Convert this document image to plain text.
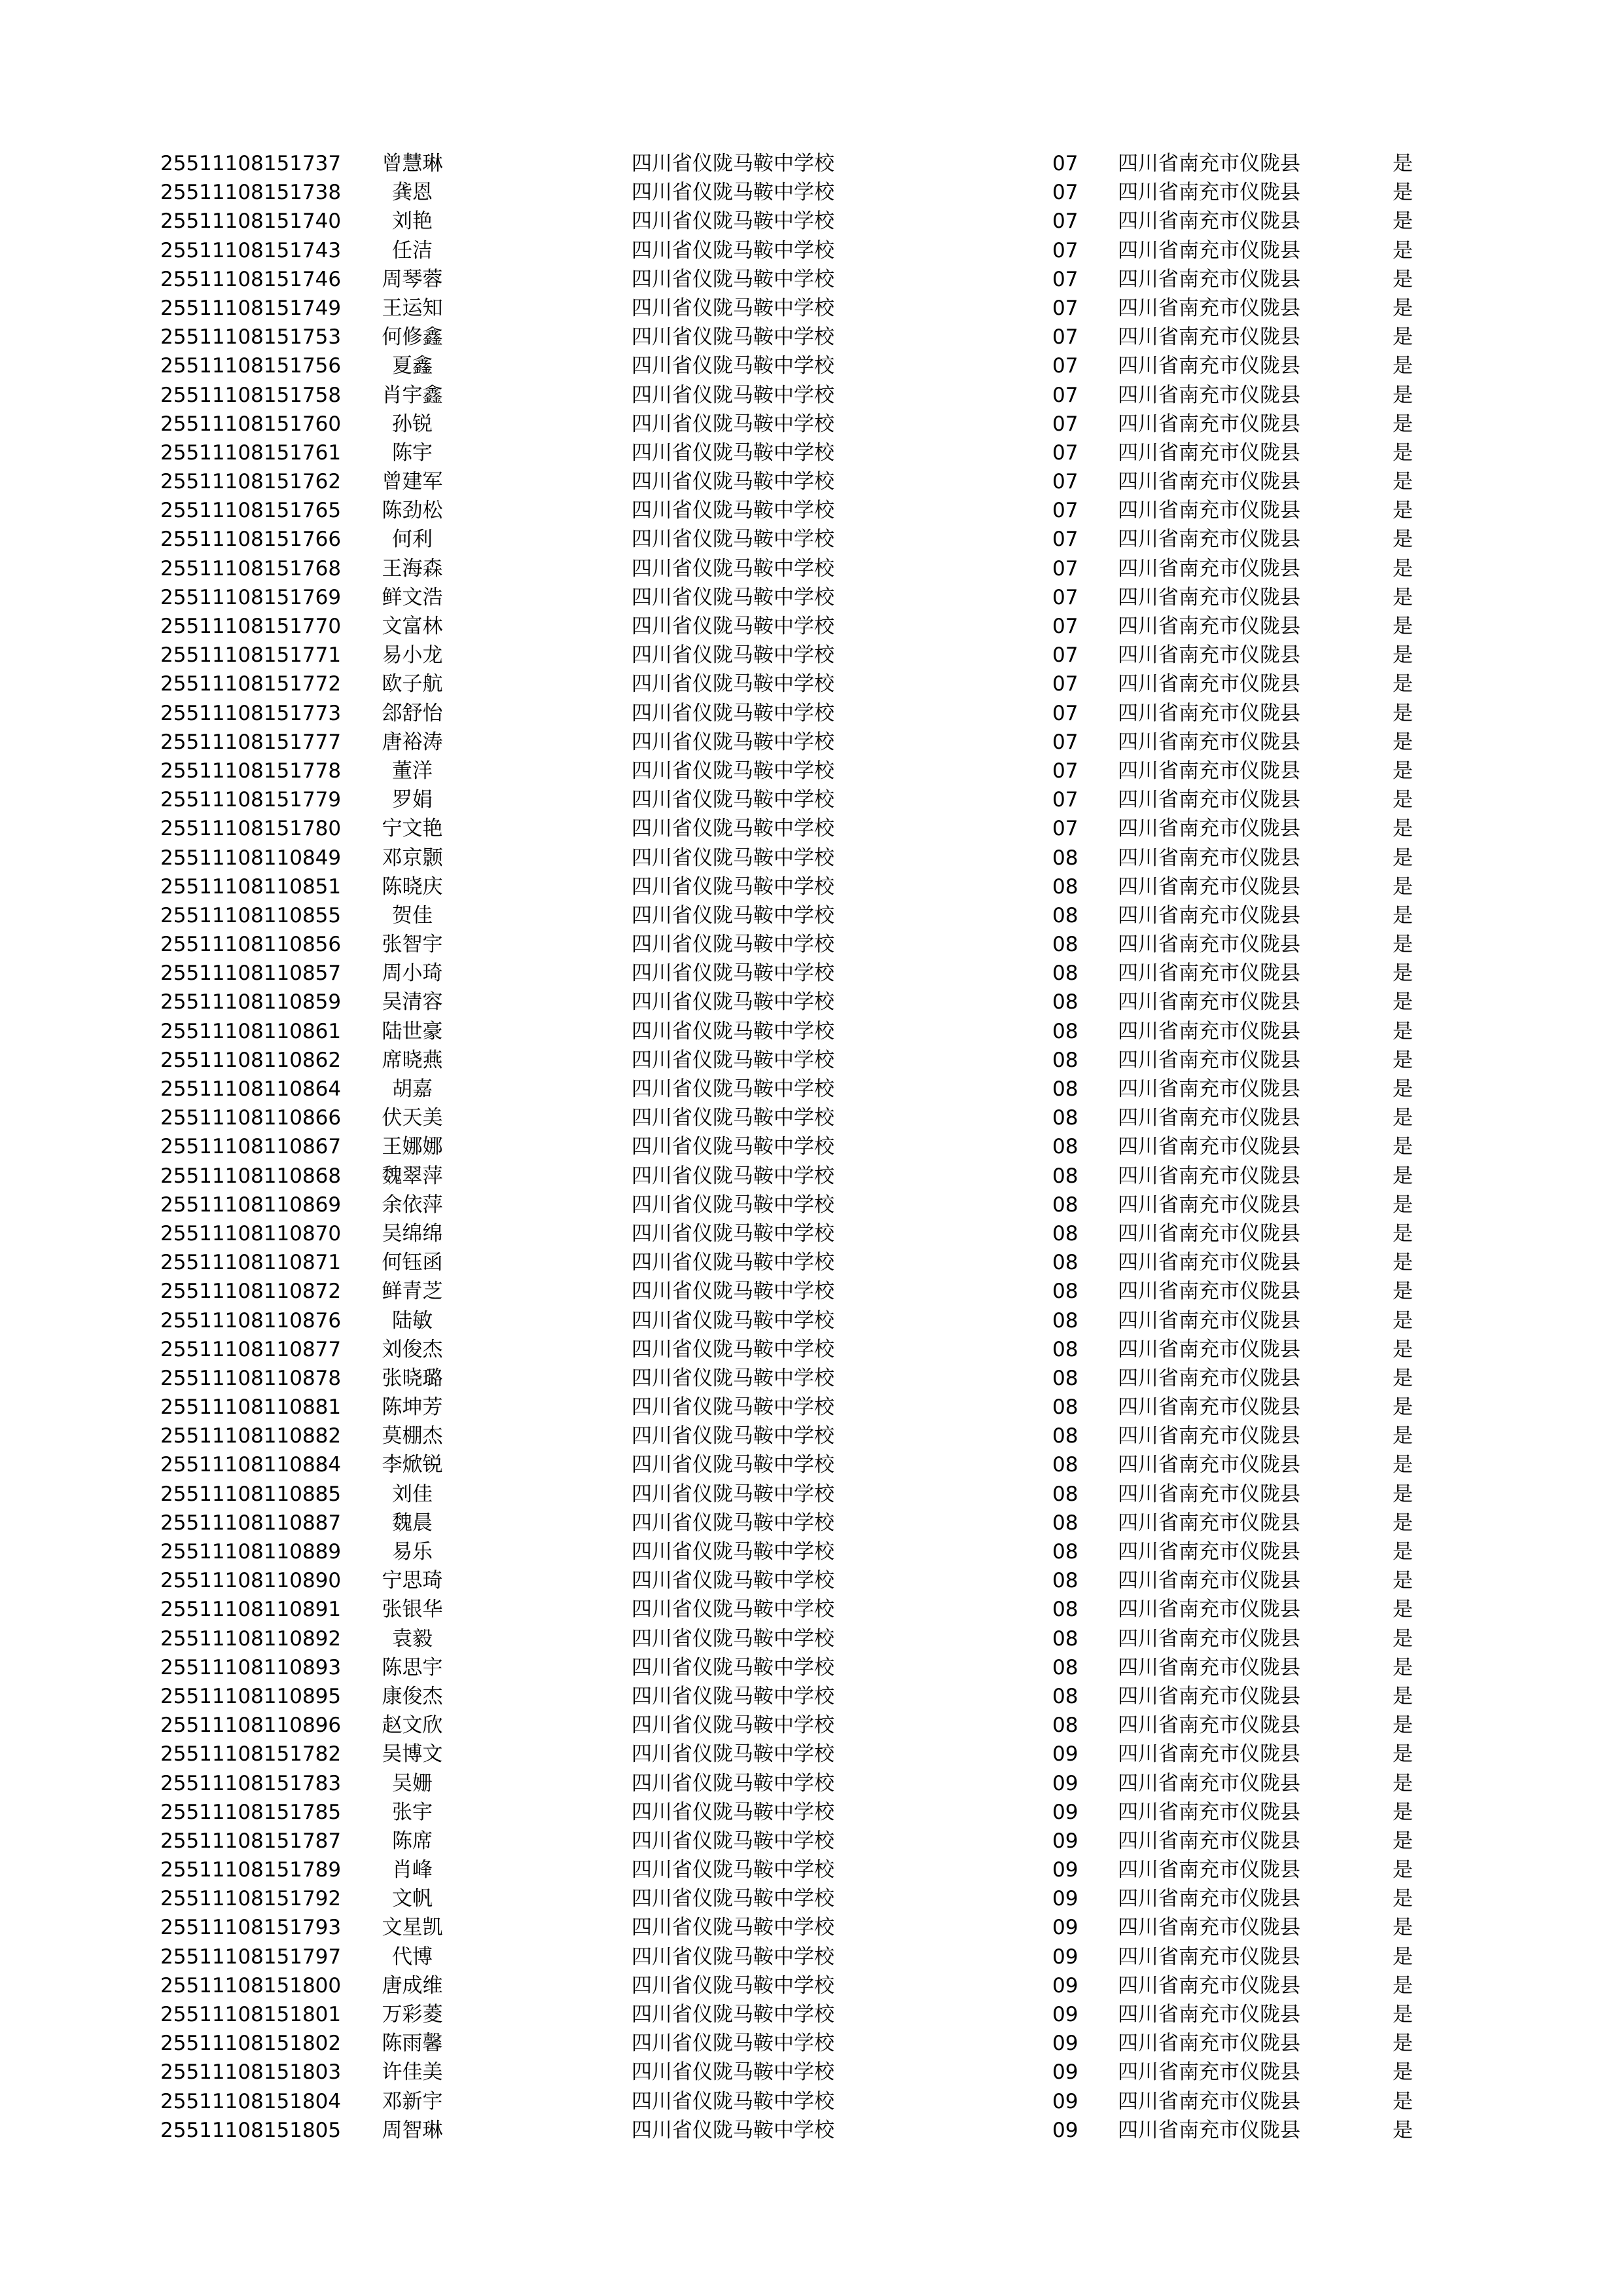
25511108151737 曾慧琳	四川省仪陇马鞍中学校	07 四川省南充市仪陇县	是
25511108151738	龚恩	四川省仪陇马鞍中学校	07 四川省南充市仪陇县	是
25511108151740	刘艳	四川省仪陇马鞍中学校	07 四川省南充市仪陇县	是
25511108151743	任洁	四川省仪陇马鞍中学校	07 四川省南充市仪陇县	是
25511108151746 周琴蓉	四川省仪陇马鞍中学校	07 四川省南充市仪陇县	是
25511108151749 王运知	四川省仪陇马鞍中学校	07 四川省南充市仪陇县	是
25511108151753 何修鑫	四川省仪陇马鞍中学校	07 四川省南充市仪陇县	是
25511108151756	夏鑫	四川省仪陇马鞍中学校	07 四川省南充市仪陇县	是
25511108151758 肖宇鑫	四川省仪陇马鞍中学校	07 四川省南充市仪陇县	是
25511108151760	孙锐	四川省仪陇马鞍中学校	07 四川省南充市仪陇县	是
25511108151761	陈宇	四川省仪陇马鞍中学校	07 四川省南充市仪陇县	是
25511108151762 曾建军	四川省仪陇马鞍中学校	07 四川省南充市仪陇县	是
25511108151765 陈劲松	四川省仪陇马鞍中学校	07 四川省南充市仪陇县	是
25511108151766	何利	四川省仪陇马鞍中学校	07 四川省南充市仪陇县	是
25511108151768 王海森	四川省仪陇马鞍中学校	07 四川省南充市仪陇县	是
25511108151769 鲜文浩	四川省仪陇马鞍中学校	07 四川省南充市仪陇县	是
25511108151770 文富林	四川省仪陇马鞍中学校	07 四川省南充市仪陇县	是
25511108151771 易小龙	四川省仪陇马鞍中学校	07 四川省南充市仪陇县	是
25511108151772 欧子航	四川省仪陇马鞍中学校	07 四川省南充市仪陇县	是
25511108151773 郐舒怡	四川省仪陇马鞍中学校	07 四川省南充市仪陇县	是
25511108151777 唐裕涛	四川省仪陇马鞍中学校	07 四川省南充市仪陇县	是
25511108151778	董洋	四川省仪陇马鞍中学校	07 四川省南充市仪陇县	是
25511108151779	罗娟	四川省仪陇马鞍中学校	07 四川省南充市仪陇县	是
25511108151780 宁文艳	四川省仪陇马鞍中学校	07 四川省南充市仪陇县	是
25511108110849 邓京颢	四川省仪陇马鞍中学校	08 四川省南充市仪陇县	是
25511108110851 陈晓庆	四川省仪陇马鞍中学校	08 四川省南充市仪陇县	是
25511108110855	贺佳	四川省仪陇马鞍中学校	08 四川省南充市仪陇县	是
25511108110856 张智宇	四川省仪陇马鞍中学校	08 四川省南充市仪陇县	是
25511108110857 周小琦	四川省仪陇马鞍中学校	08 四川省南充市仪陇县	是
25511108110859 吴清容	四川省仪陇马鞍中学校	08 四川省南充市仪陇县	是
25511108110861 陆世豪	四川省仪陇马鞍中学校	08 四川省南充市仪陇县	是
25511108110862 席晓燕	四川省仪陇马鞍中学校	08 四川省南充市仪陇县	是
25511108110864	胡嘉	四川省仪陇马鞍中学校	08 四川省南充市仪陇县	是
25511108110866 伏天美	四川省仪陇马鞍中学校	08 四川省南充市仪陇县	是
25511108110867 王娜娜	四川省仪陇马鞍中学校	08 四川省南充市仪陇县	是
25511108110868 魏翠萍	四川省仪陇马鞍中学校	08 四川省南充市仪陇县	是
25511108110869 余依萍	四川省仪陇马鞍中学校	08 四川省南充市仪陇县	是
25511108110870 吴绵绵	四川省仪陇马鞍中学校	08 四川省南充市仪陇县	是
25511108110871 何钰函	四川省仪陇马鞍中学校	08 四川省南充市仪陇县	是
25511108110872 鲜青芝	四川省仪陇马鞍中学校	08 四川省南充市仪陇县	是
25511108110876	陆敏	四川省仪陇马鞍中学校	08 四川省南充市仪陇县	是
25511108110877 刘俊杰	四川省仪陇马鞍中学校	08 四川省南充市仪陇县	是
25511108110878 张晓璐	四川省仪陇马鞍中学校	08 四川省南充市仪陇县	是
25511108110881 陈坤芳	四川省仪陇马鞍中学校	08 四川省南充市仪陇县	是
25511108110882 莫棚杰	四川省仪陇马鞍中学校	08 四川省南充市仪陇县	是
25511108110884 李焮锐	四川省仪陇马鞍中学校	08 四川省南充市仪陇县	是
25511108110885	刘佳	四川省仪陇马鞍中学校	08 四川省南充市仪陇县	是
25511108110887	魏晨	四川省仪陇马鞍中学校	08 四川省南充市仪陇县	是
25511108110889	易乐	四川省仪陇马鞍中学校	08 四川省南充市仪陇县	是
25511108110890 宁思琦	四川省仪陇马鞍中学校	08 四川省南充市仪陇县	是
25511108110891 张银华	四川省仪陇马鞍中学校	08 四川省南充市仪陇县	是
25511108110892	袁毅	四川省仪陇马鞍中学校	08 四川省南充市仪陇县	是
25511108110893 陈思宇	四川省仪陇马鞍中学校	08 四川省南充市仪陇县	是
25511108110895 康俊杰	四川省仪陇马鞍中学校	08 四川省南充市仪陇县	是
25511108110896 赵文欣	四川省仪陇马鞍中学校	08 四川省南充市仪陇县	是
25511108151782 吴博文	四川省仪陇马鞍中学校	09 四川省南充市仪陇县	是
25511108151783	吴姗	四川省仪陇马鞍中学校	09 四川省南充市仪陇县	是
25511108151785	张宇	四川省仪陇马鞍中学校	09 四川省南充市仪陇县	是
25511108151787	陈席	四川省仪陇马鞍中学校	09 四川省南充市仪陇县	是
25511108151789	肖峰	四川省仪陇马鞍中学校	09 四川省南充市仪陇县	是
25511108151792	文帆	四川省仪陇马鞍中学校	09 四川省南充市仪陇县	是
25511108151793 文星凯	四川省仪陇马鞍中学校	09 四川省南充市仪陇县	是
25511108151797	代博	四川省仪陇马鞍中学校	09 四川省南充市仪陇县	是
25511108151800 唐成维	四川省仪陇马鞍中学校	09 四川省南充市仪陇县	是
25511108151801 万彩菱	四川省仪陇马鞍中学校	09 四川省南充市仪陇县	是
25511108151802 陈雨馨	四川省仪陇马鞍中学校	09 四川省南充市仪陇县	是
25511108151803 许佳美	四川省仪陇马鞍中学校	09 四川省南充市仪陇县	是
25511108151804 邓新宇	四川省仪陇马鞍中学校	09 四川省南充市仪陇县	是
25511108151805 周智琳	四川省仪陇马鞍中学校	09 四川省南充市仪陇县	是
